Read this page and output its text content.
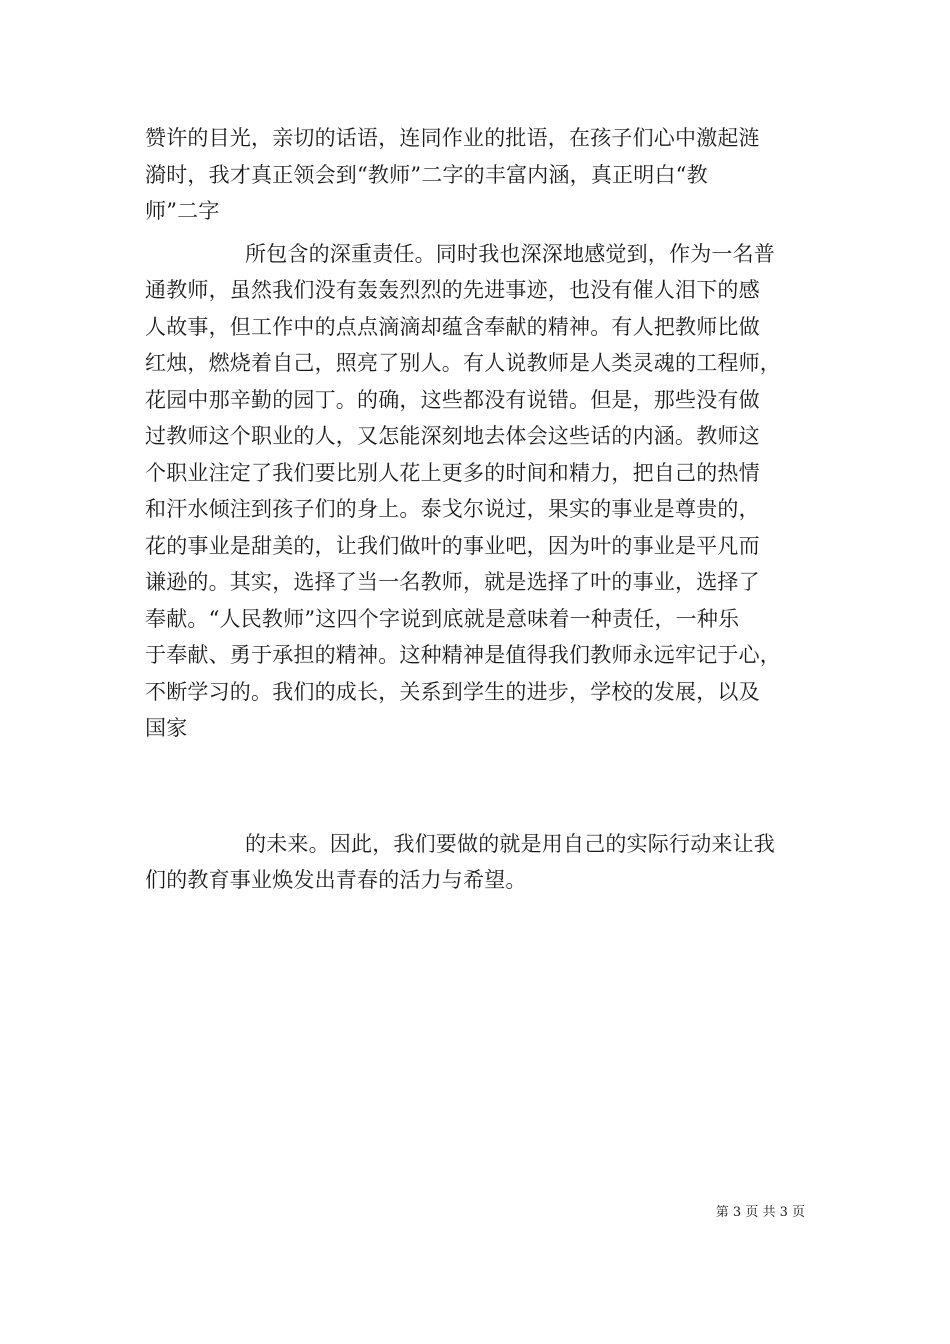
赞许的目光，亲切的话语，连同作业的批语，在孩子们心中激起涟
漪时，我才真正领会到“教师”二字的丰富内涵，真正明白“教
师”二字
所包含的深重责任。同时我也深深地感觉到，作为一名普
通教师，虽然我们没有轰轰烈烈的先进事迹，也没有催人泪下的感
人故事，但工作中的点点滴滴却蕴含奉献的精神。有人把教师比做
红烛，燃烧着自己，照亮了别人。有人说教师是人类灵魂的工程师，
花园中那辛勤的园丁。的确，这些都没有说错。但是，那些没有做
过教师这个职业的人，又怎能深刻地去体会这些话的内涵。教师这
个职业注定了我们要比别人花上更多的时间和精力，把自己的热情
和汗水倾注到孩子们的身上。泰戈尔说过，果实的事业是尊贵的，
花的事业是甜美的，让我们做叶的事业吧，因为叶的事业是平凡而
谦逊的。其实，选择了当一名教师，就是选择了叶的事业，选择了
奉献。“人民教师”这四个字说到底就是意味着一种责任，一种乐
于奉献、勇于承担的精神。这种精神是值得我们教师永远牢记于心，
不断学习的。我们的成长，关系到学生的进步，学校的发展，以及
国家
的未来。因此，我们要做的就是用自己的实际行动来让我
们的教育事业焕发出青春的活力与希望。
第 3 页 共 3 页
